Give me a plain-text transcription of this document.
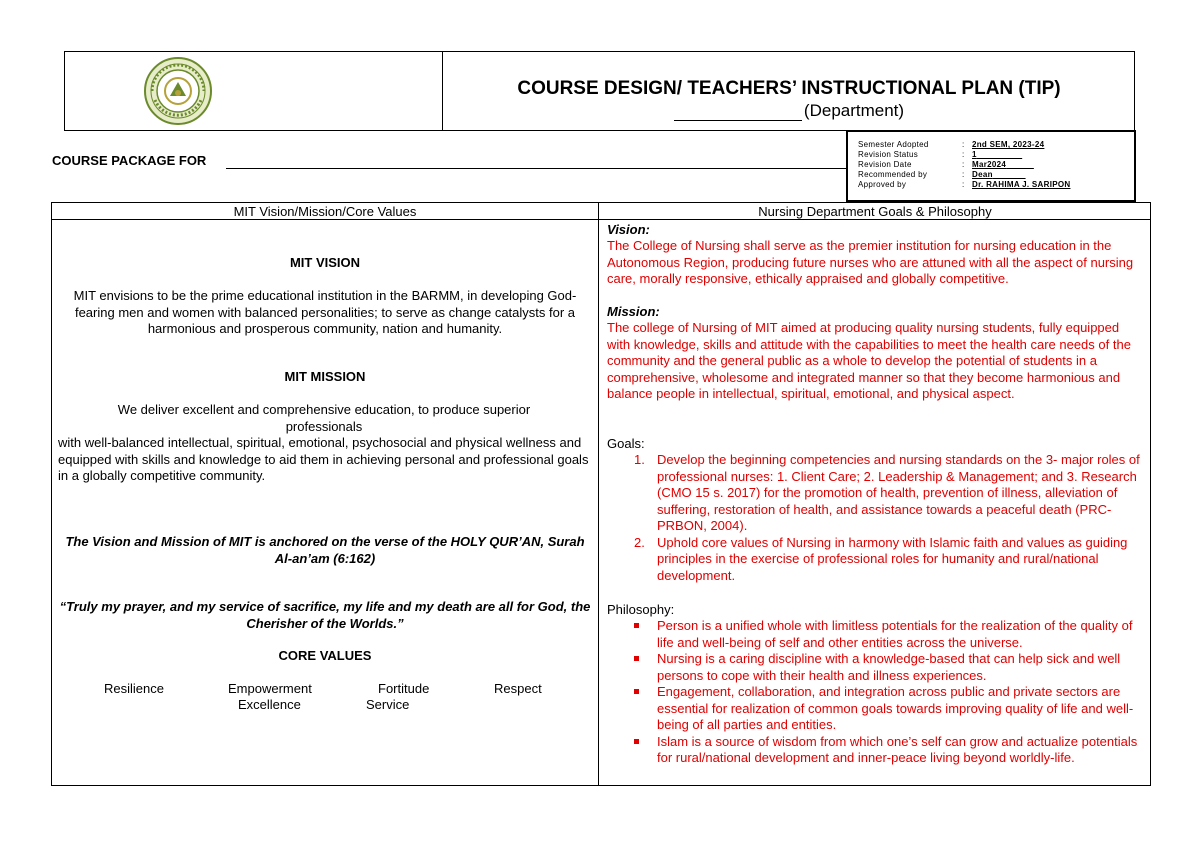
COURSE DESIGN/ TEACHERS’ INSTRUCTIONAL PLAN (TIP)
(Department)
COURSE PACKAGE FOR
Semester Adopted	: 2nd SEM, 2023-24
Revision Status	: 1
Revision Date	: Mar2024
Recommended by	: Dean
Approved by	: Dr. RAHIMA J. SARIPON
MIT Vision/Mission/Core Values	Nursing Department Goals & Philosophy
MIT VISION
MIT envisions to be the prime educational institution in the BARMM, in developing God-fearing men and women with balanced personalities; to serve as change catalysts for a harmonious and prosperous community, nation and humanity.
MIT MISSION
We deliver excellent and comprehensive education, to produce superior professionals
with well-balanced intellectual, spiritual, emotional, psychosocial and physical wellness and equipped with skills and knowledge to aid them in achieving personal and professional goals in a globally competitive community.
The Vision and Mission of MIT is anchored on the verse of the HOLY QUR’AN, Surah Al-an’am (6:162)
“Truly my prayer, and my service of sacrifice, my life and my death are all for God, the Cherisher of the Worlds.”
CORE VALUES
Resilience	Empowerment	Fortitude	Respect
Excellence	Service
Vision:
The College of Nursing shall serve as the premier institution for nursing education in the Autonomous Region, producing future nurses who are attuned with all the aspect of nursing care, morally responsive, ethically appraised and globally competitive.
Mission:
The college of Nursing of MIT aimed at producing quality nursing students, fully equipped with knowledge, skills and attitude with the capabilities to meet the health care needs of the community and the general public as a whole to develop the potential of students in a comprehensive, wholesome and integrated manner so that they become harmonious and balance people in intellectual, spiritual, emotional, and physical aspect.
Goals:
1. Develop the beginning competencies and nursing standards on the 3- major roles of professional nurses: 1. Client Care; 2. Leadership & Management; and 3. Research (CMO 15 s. 2017) for the promotion of health, prevention of illness, alleviation of suffering, restoration of health, and assistance towards a peaceful death (PRC-PRBON, 2004).
2. Uphold core values of Nursing in harmony with Islamic faith and values as guiding principles in the exercise of professional roles for humanity and rural/national development.
Philosophy:
Person is a unified whole with limitless potentials for the realization of the quality of life and well-being of self and other entities across the universe.
Nursing is a caring discipline with a knowledge-based that can help sick and well persons to cope with their health and illness experiences.
Engagement, collaboration, and integration across public and private sectors are essential for realization of common goals towards improving quality of life and well-being of all parties and entities.
Islam is a source of wisdom from which one’s self can grow and actualize potentials for rural/national development and inner-peace living beyond worldly-life.
